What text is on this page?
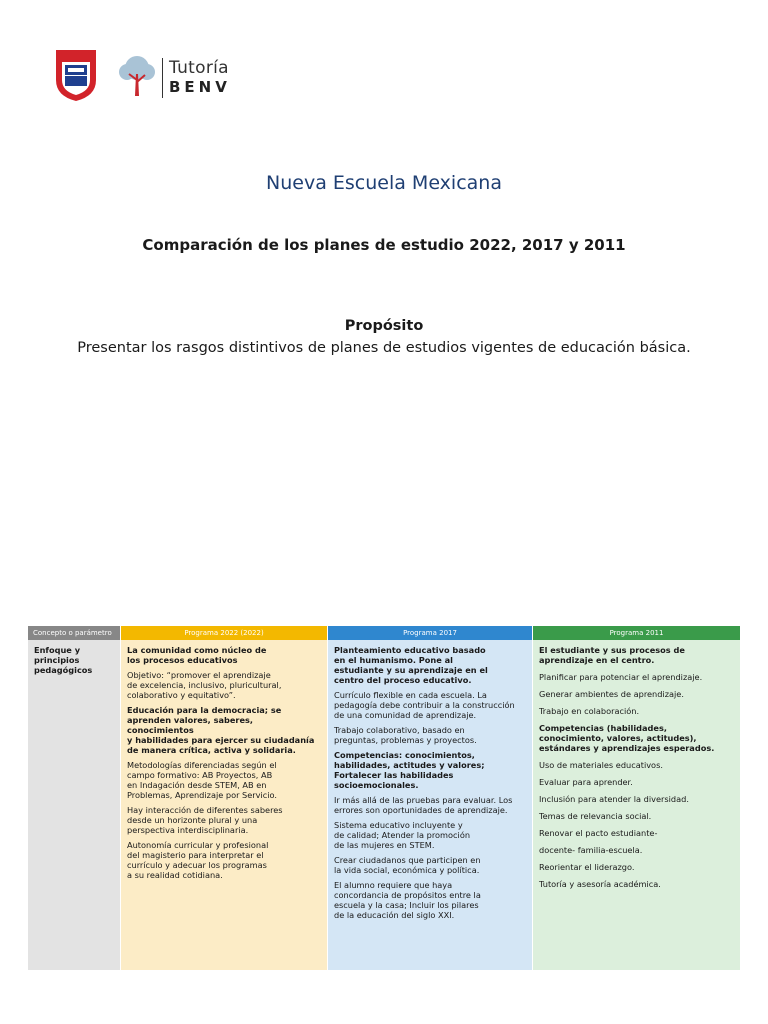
Tutoría
BENV
Nueva Escuela Mexicana
Comparación de los planes de estudio 2022, 2017 y 2011
Propósito
Presentar los rasgos distintivos de planes de estudios vigentes de educación básica.
Concepto o parámetro
Enfoque y
principios
pedagógicos
Programa 2022 (2022)
La comunidad como núcleo de
los procesos educativos
Objetivo: “promover el aprendizaje
de excelencia, inclusivo, pluricultural,
colaborativo y equitativo”.
Educación para la democracia; se
aprenden valores, saberes, conocimientos
y habilidades para ejercer su ciudadanía
de manera crítica, activa y solidaria.
Metodologías diferenciadas según el
campo formativo: AB Proyectos, AB
en Indagación desde STEM, AB en
Problemas, Aprendizaje por Servicio.
Hay interacción de diferentes saberes
desde un horizonte plural y una
perspectiva interdisciplinaria.
Autonomía curricular y profesional
del magisterio para interpretar el
currículo y adecuar los programas
a su realidad cotidiana.
Programa 2017
Planteamiento educativo basado
en el humanismo. Pone al
estudiante y su aprendizaje en el
centro del proceso educativo.
Currículo flexible en cada escuela. La
pedagogía debe contribuir a la construcción
de una comunidad de aprendizaje.
Trabajo colaborativo, basado en
preguntas, problemas y proyectos.
Competencias: conocimientos,
habilidades, actitudes y valores;
Fortalecer las habilidades
socioemocionales.
Ir más allá de las pruebas para evaluar. Los
errores son oportunidades de aprendizaje.
Sistema educativo incluyente y
de calidad; Atender la promoción
de las mujeres en STEM.
Crear ciudadanos que participen en
la vida social, económica y política.
El alumno requiere que haya
concordancia de propósitos entre la
escuela y la casa; Incluir los pilares
de la educación del siglo XXI.
Programa 2011
El estudiante y sus procesos de
aprendizaje en el centro.
Planificar para potenciar el aprendizaje.
Generar ambientes de aprendizaje.
Trabajo en colaboración.
Competencias (habilidades,
conocimiento, valores, actitudes),
estándares y aprendizajes esperados.
Uso de materiales educativos.
Evaluar para aprender.
Inclusión para atender la diversidad.
Temas de relevancia social.
Renovar el pacto estudiante-
docente- familia-escuela.
Reorientar el liderazgo.
Tutoría y asesoría académica.
